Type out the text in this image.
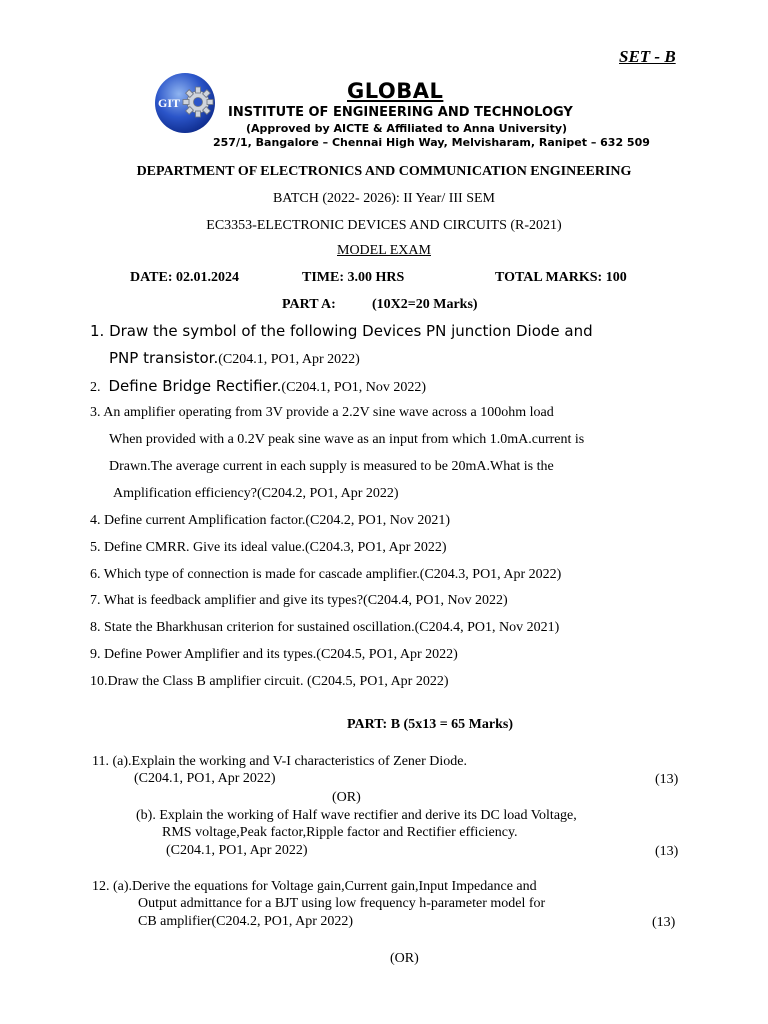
SET - B
GIT	GLOBAL
INSTITUTE OF ENGINEERING AND TECHNOLOGY
(Approved by AICTE & Affiliated to Anna University)
257/1, Bangalore – Chennai High Way, Melvisharam, Ranipet – 632 509
DEPARTMENT OF ELECTRONICS AND COMMUNICATION ENGINEERING
BATCH (2022- 2026): II Year/ III SEM
EC3353-ELECTRONIC DEVICES AND CIRCUITS (R-2021)
MODEL EXAM
DATE: 02.01.2024	TIME: 3.00 HRS	TOTAL MARKS: 100
PART A:	(10X2=20 Marks)
1. Draw the symbol of the following Devices PN junction Diode and
PNP transistor.(C204.1, PO1, Apr 2022)
2. Define Bridge Rectifier.(C204.1, PO1, Nov 2022)
3. An amplifier operating from 3V provide a 2.2V sine wave across a 100ohm load
When provided with a 0.2V peak sine wave as an input from which 1.0mA.current is
Drawn.The average current in each supply is measured to be 20mA.What is the
Amplification efficiency?(C204.2, PO1, Apr 2022)
4. Define current Amplification factor.(C204.2, PO1, Nov 2021)
5. Define CMRR. Give its ideal value.(C204.3, PO1, Apr 2022)
6. Which type of connection is made for cascade amplifier.(C204.3, PO1, Apr 2022)
7. What is feedback amplifier and give its types?(C204.4, PO1, Nov 2022)
8. State the Bharkhusan criterion for sustained oscillation.(C204.4, PO1, Nov 2021)
9. Define Power Amplifier and its types.(C204.5, PO1, Apr 2022)
10.Draw the Class B amplifier circuit. (C204.5, PO1, Apr 2022)
PART: B (5x13 = 65 Marks)
11. (a).Explain the working and V-I characteristics of Zener Diode.
(C204.1, PO1, Apr 2022)	(13)
(OR)
(b). Explain the working of Half wave rectifier and derive its DC load Voltage,
RMS voltage,Peak factor,Ripple factor and Rectifier efficiency.
(C204.1, PO1, Apr 2022)	(13)
12. (a).Derive the equations for Voltage gain,Current gain,Input Impedance and
Output admittance for a BJT using low frequency h-parameter model for
CB amplifier(C204.2, PO1, Apr 2022)	(13)
(OR)
